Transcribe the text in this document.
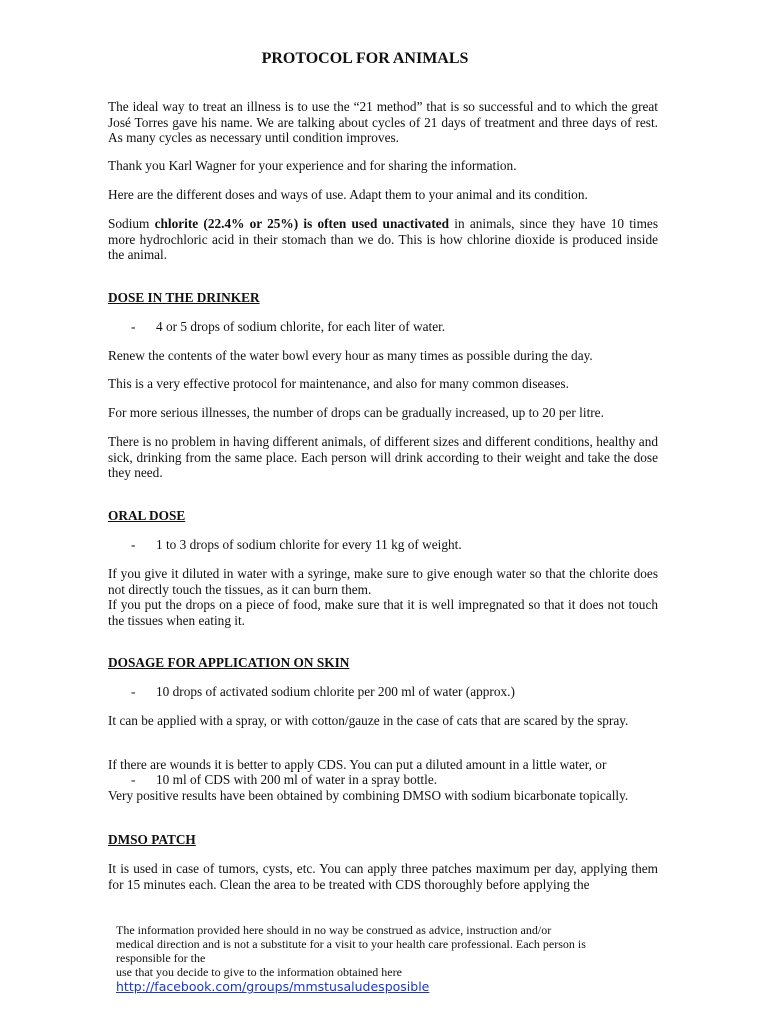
PROTOCOL FOR ANIMALS
The ideal way to treat an illness is to use the “21 method” that is so successful and to which the great José Torres gave his name. We are talking about cycles of 21 days of treatment and three days of rest. As many cycles as necessary until condition improves.
Thank you Karl Wagner for your experience and for sharing the information.
Here are the different doses and ways of use. Adapt them to your animal and its condition.
Sodium chlorite (22.4% or 25%) is often used unactivated in animals, since they have 10 times more hydrochloric acid in their stomach than we do. This is how chlorine dioxide is produced inside the animal.
DOSE IN THE DRINKER
- 4 or 5 drops of sodium chlorite, for each liter of water.
Renew the contents of the water bowl every hour as many times as possible during the day.
This is a very effective protocol for maintenance, and also for many common diseases.
For more serious illnesses, the number of drops can be gradually increased, up to 20 per litre.
There is no problem in having different animals, of different sizes and different conditions, healthy and sick, drinking from the same place. Each person will drink according to their weight and take the dose they need.
ORAL DOSE
- 1 to 3 drops of sodium chlorite for every 11 kg of weight.
If you give it diluted in water with a syringe, make sure to give enough water so that the chlorite does not directly touch the tissues, as it can burn them.
If you put the drops on a piece of food, make sure that it is well impregnated so that it does not touch the tissues when eating it.
DOSAGE FOR APPLICATION ON SKIN
- 10 drops of activated sodium chlorite per 200 ml of water (approx.)
It can be applied with a spray, or with cotton/gauze in the case of cats that are scared by the spray.
If there are wounds it is better to apply CDS. You can put a diluted amount in a little water, or
- 10 ml of CDS with 200 ml of water in a spray bottle.
Very positive results have been obtained by combining DMSO with sodium bicarbonate topically.
DMSO PATCH
It is used in case of tumors, cysts, etc. You can apply three patches maximum per day, applying them for 15 minutes each. Clean the area to be treated with CDS thoroughly before applying the
The information provided here should in no way be construed as advice, instruction and/or
medical direction and is not a substitute for a visit to your health care professional. Each person is responsible for the
use that you decide to give to the information obtained here
http://facebook.com/groups/mmstusaludesposible
